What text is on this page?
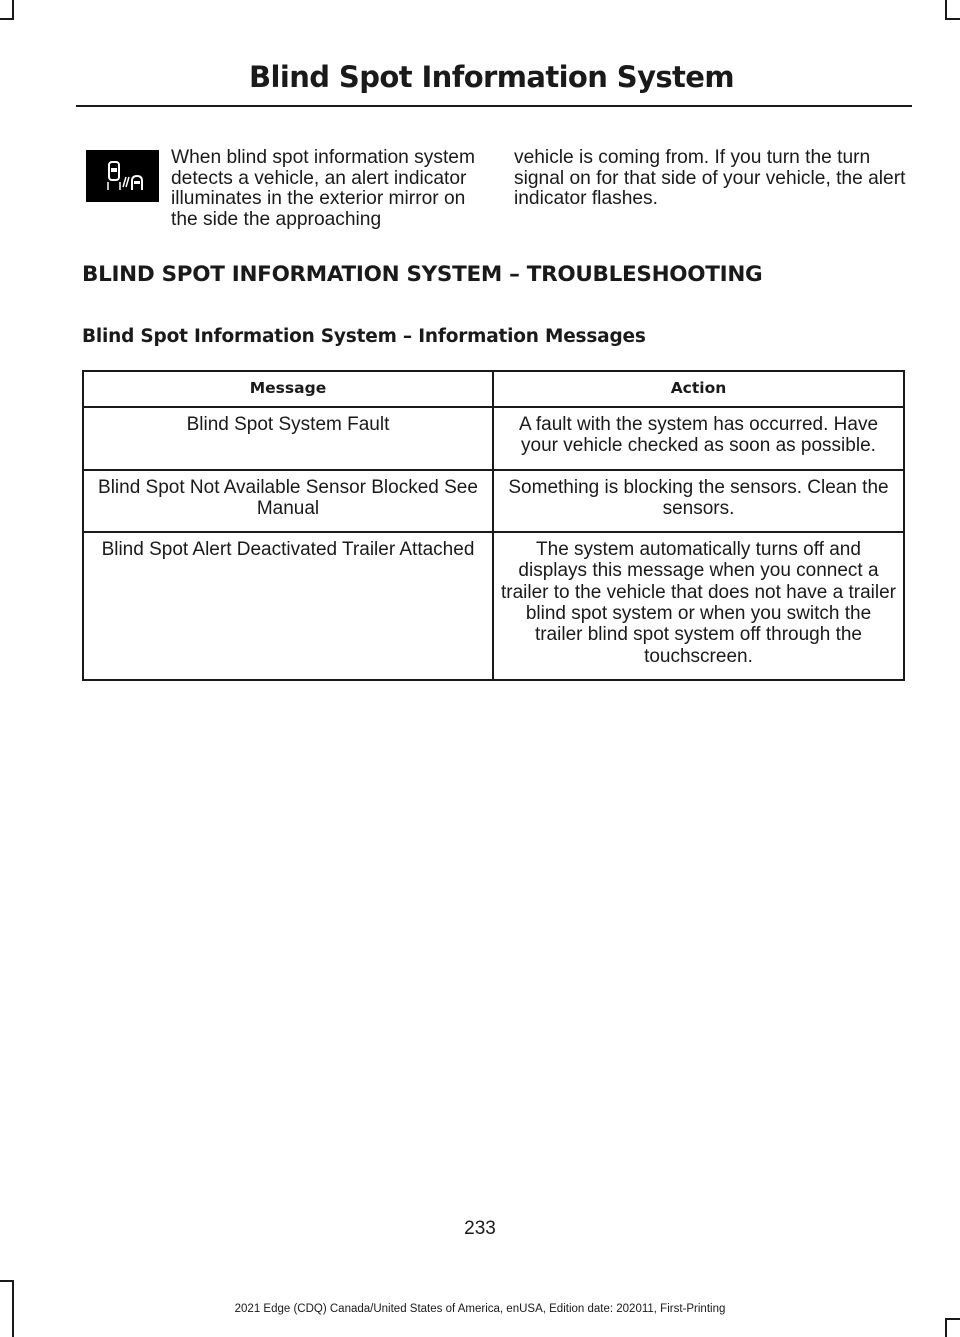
Blind Spot Information System
When blind spot information system detects a vehicle, an alert indicator illuminates in the exterior mirror on the side the approaching
vehicle is coming from. If you turn the turn signal on for that side of your vehicle, the alert indicator flashes.
BLIND SPOT INFORMATION SYSTEM – TROUBLESHOOTING
Blind Spot Information System – Information Messages
Message	Action
Blind Spot System Fault	A fault with the system has occurred. Have your vehicle checked as soon as possible.
Blind Spot Not Available Sensor Blocked See Manual	Something is blocking the sensors. Clean the sensors.
Blind Spot Alert Deactivated Trailer Attached	The system automatically turns off and displays this message when you connect a trailer to the vehicle that does not have a trailer blind spot system or when you switch the trailer blind spot system off through the touchscreen.
233
2021 Edge (CDQ) Canada/United States of America, enUSA, Edition date: 202011, First-Printing
